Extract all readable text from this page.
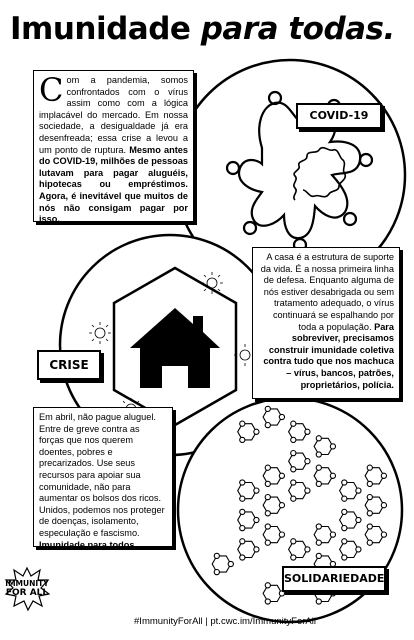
Imunidade para todas.
Com a pandemia, somos confrontados com o vírus assim como com a lógica implacável do mercado. Em nossa sociedade, a desigualdade já era desenfreada; essa crise a levou a um ponto de ruptura. Mesmo antes do COVID-19, milhões de pessoas lutavam para pagar aluguéis, hipotecas ou empréstimos. Agora, é inevitável que muitos de nós não consigam pagar por isso.
COVID-19
A casa é a estrutura de suporte da vida. É a nossa primeira linha de defesa. Enquanto alguma de nós estiver desabrigada ou sem tratamento adequado, o vírus continuará se espalhando por toda a população. Para sobreviver, precisamos construir imunidade coletiva contra tudo que nos machuca – vírus, bancos, patrões, proprietários, polícia.
CRISE
Em abril, não pague aluguel. Entre de greve contra as forças que nos querem doentes, pobres e precarizados. Use seus recursos para apoiar sua comunidade, não para aumentar os bolsos dos ricos. Unidos, podemos nos proteger de doenças, isolamento, especulação e fascismo. Imunidade para todos.
SOLIDARIEDADE
IMMUNITY
FOR ALL
#ImmunityForAll | pt.cwc.im/ImmunityForAll
